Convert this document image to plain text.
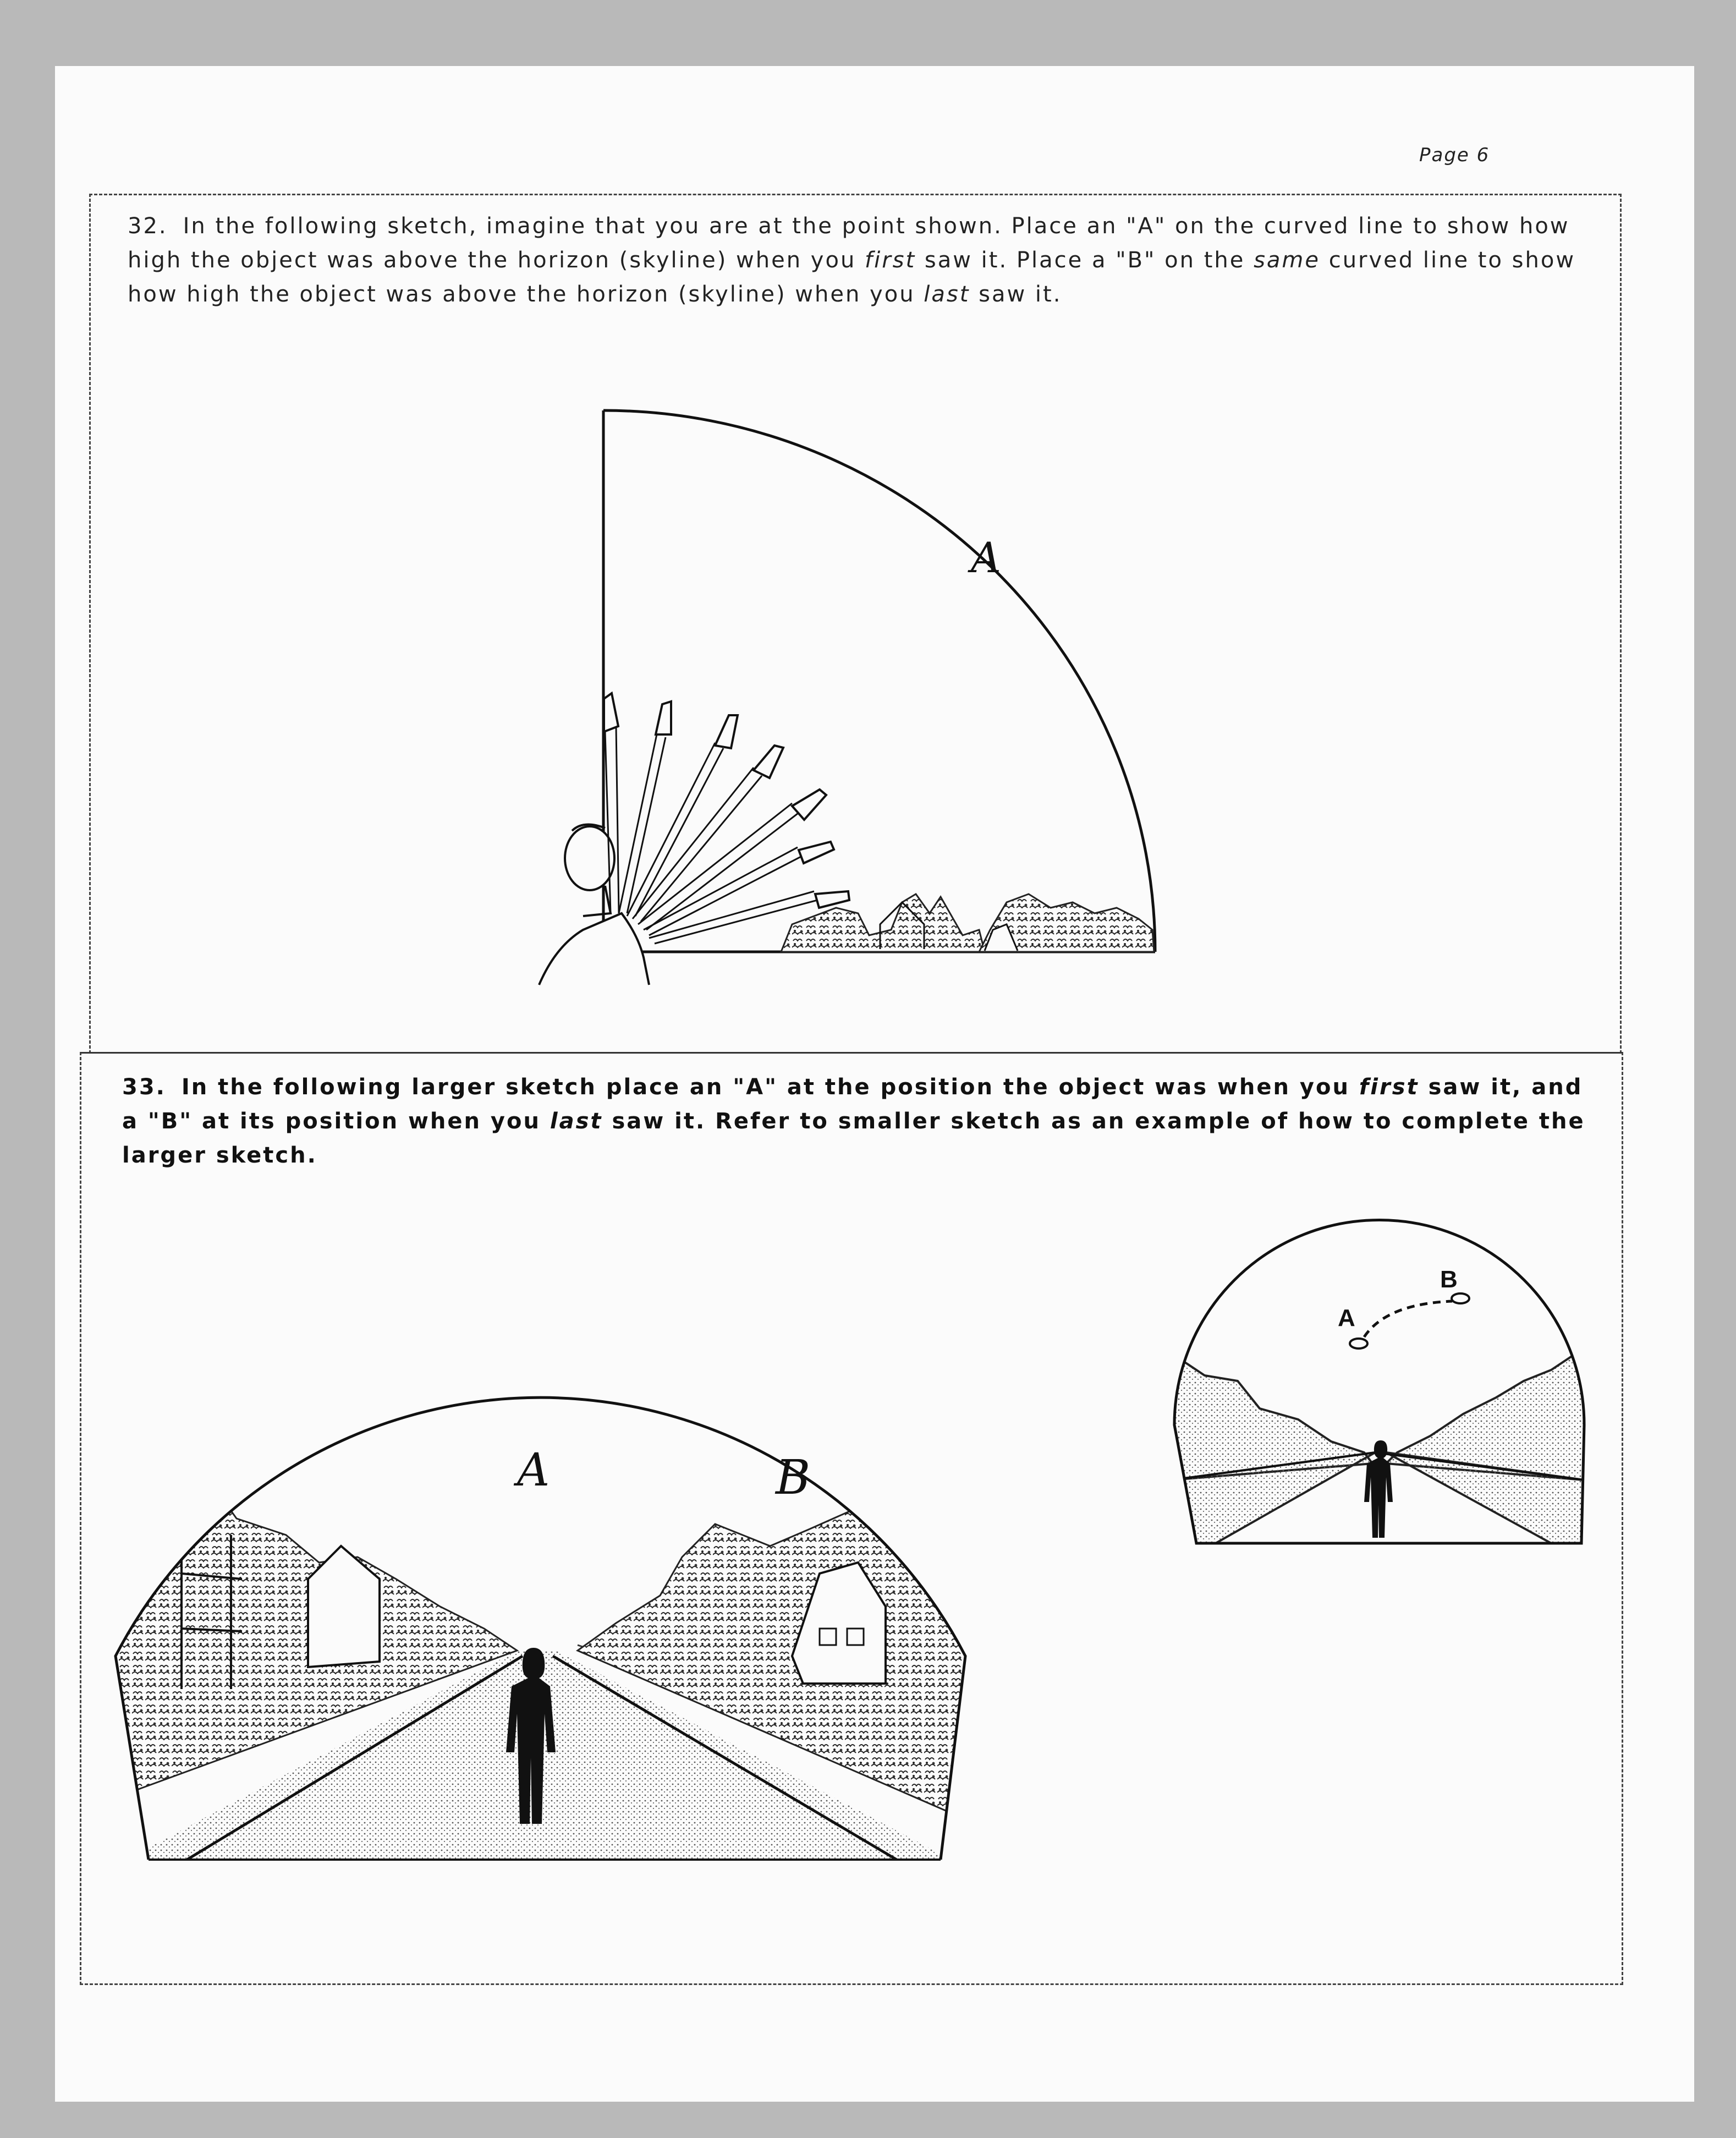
Page 6
32. In the following sketch, imagine that you are at the point shown. Place an "A" on the curved line to show how high the object was above the horizon (skyline) when you first saw it. Place a "B" on the same curved line to show how high the object was above the horizon (skyline) when you last saw it.
33. In the following larger sketch place an "A" at the position the object was when you first saw it, and a "B" at its position when you last saw it. Refer to smaller sketch as an example of how to complete the larger sketch.
A
A	B
A
B
